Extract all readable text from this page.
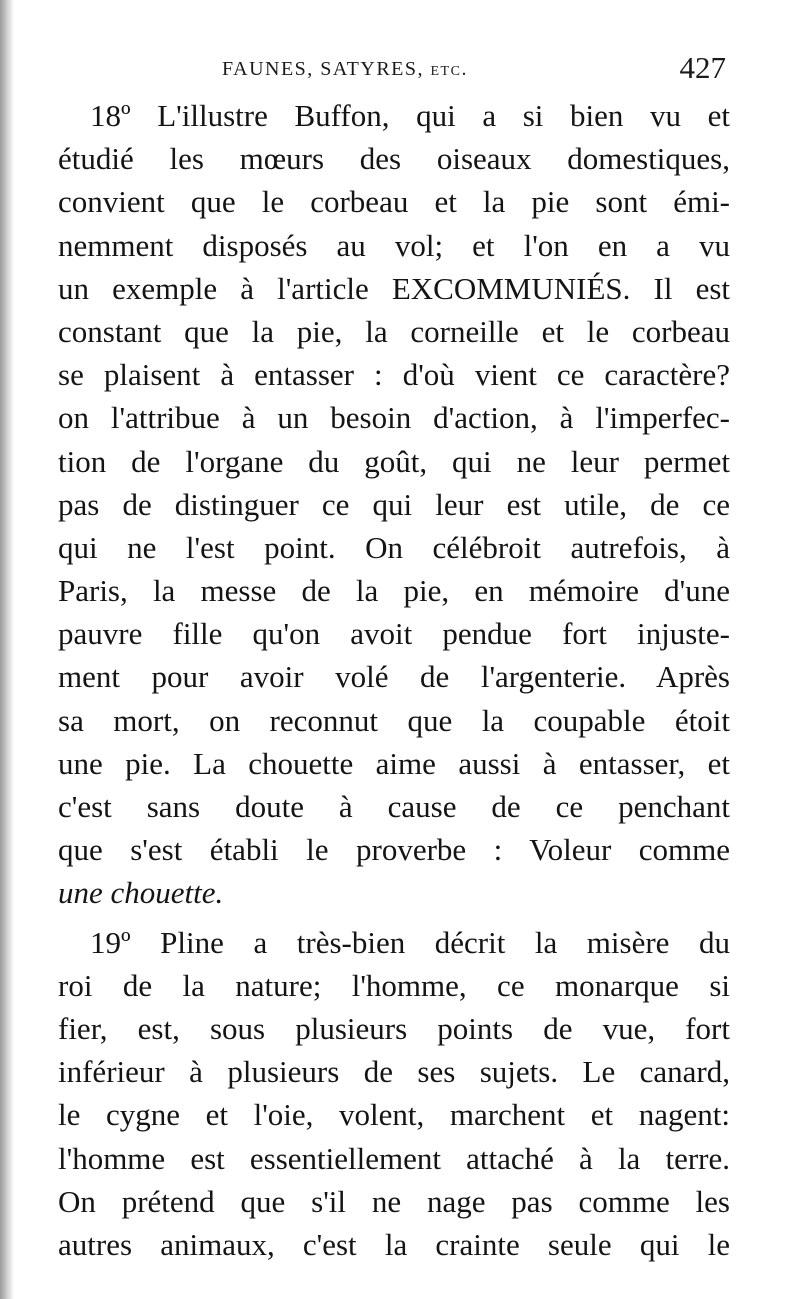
FAUNES, SATYRES, etc.	427
18º L'illustre Buffon, qui a si bien vu et
étudié les mœurs des oiseaux domestiques,
convient que le corbeau et la pie sont émi-
nemment disposés au vol; et l'on en a vu
un exemple à l'article EXCOMMUNIÉS. Il est
constant que la pie, la corneille et le corbeau
se plaisent à entasser : d'où vient ce caractère?
on l'attribue à un besoin d'action, à l'imperfec-
tion de l'organe du goût, qui ne leur permet
pas de distinguer ce qui leur est utile, de ce
qui ne l'est point. On célébroit autrefois, à
Paris, la messe de la pie, en mémoire d'une
pauvre fille qu'on avoit pendue fort injuste-
ment pour avoir volé de l'argenterie. Après
sa mort, on reconnut que la coupable étoit
une pie. La chouette aime aussi à entasser, et
c'est sans doute à cause de ce penchant
que s'est établi le proverbe : Voleur comme
une chouette.
19º Pline a très-bien décrit la misère du
roi de la nature; l'homme, ce monarque si
fier, est, sous plusieurs points de vue, fort
inférieur à plusieurs de ses sujets. Le canard,
le cygne et l'oie, volent, marchent et nagent:
l'homme est essentiellement attaché à la terre.
On prétend que s'il ne nage pas comme les
autres animaux, c'est la crainte seule qui le
